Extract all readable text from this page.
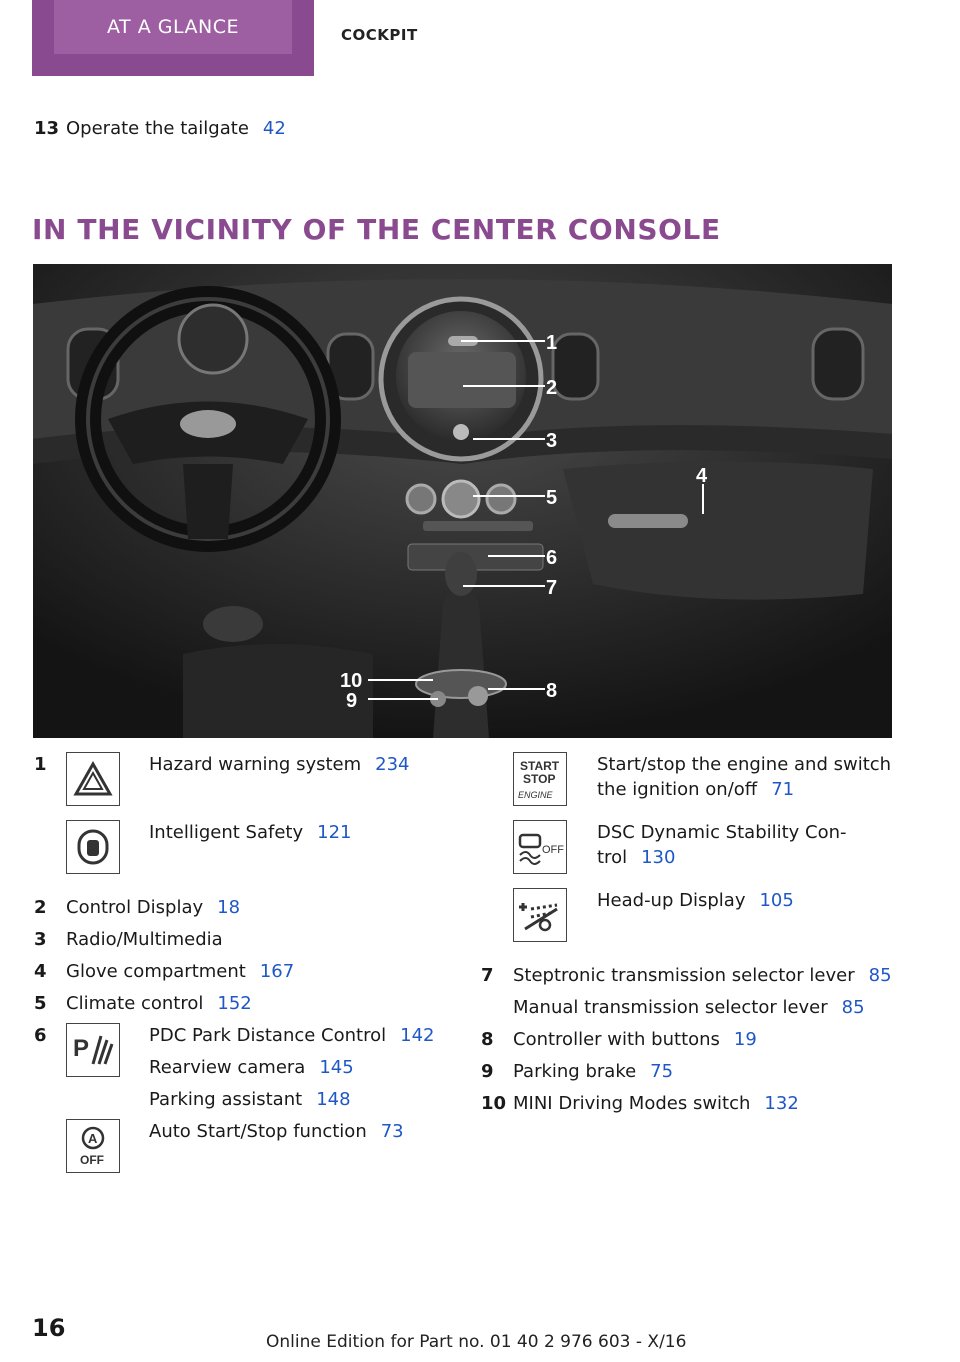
AT A GLANCE	COCKPIT
13 Operate the tailgate 42
IN THE VICINITY OF THE CENTER CONSOLE
1
2
3
4
5
6
7
8
9
10
1	Hazard warning system 234
Intelligent Safety 121
2 Control Display 18
3 Radio/Multimedia
4 Glove compartment 167
5 Climate control 152
6 P	PDC Park Distance Control 142
Rearview camera 145
Parking assistant 148
A
OFF
Auto Start/Stop function 73
START
STOP
ENGINE
Start/stop the engine and switch
the ignition on/off 71
OFF
DSC Dynamic Stability Con-
trol 130
Head-up Display 105
7 Steptronic transmission selector lever 85
Manual transmission selector lever 85
8 Controller with buttons 19
9 Parking brake 75
10 MINI Driving Modes switch 132
16	Online Edition for Part no. 01 40 2 976 603 - X/16
